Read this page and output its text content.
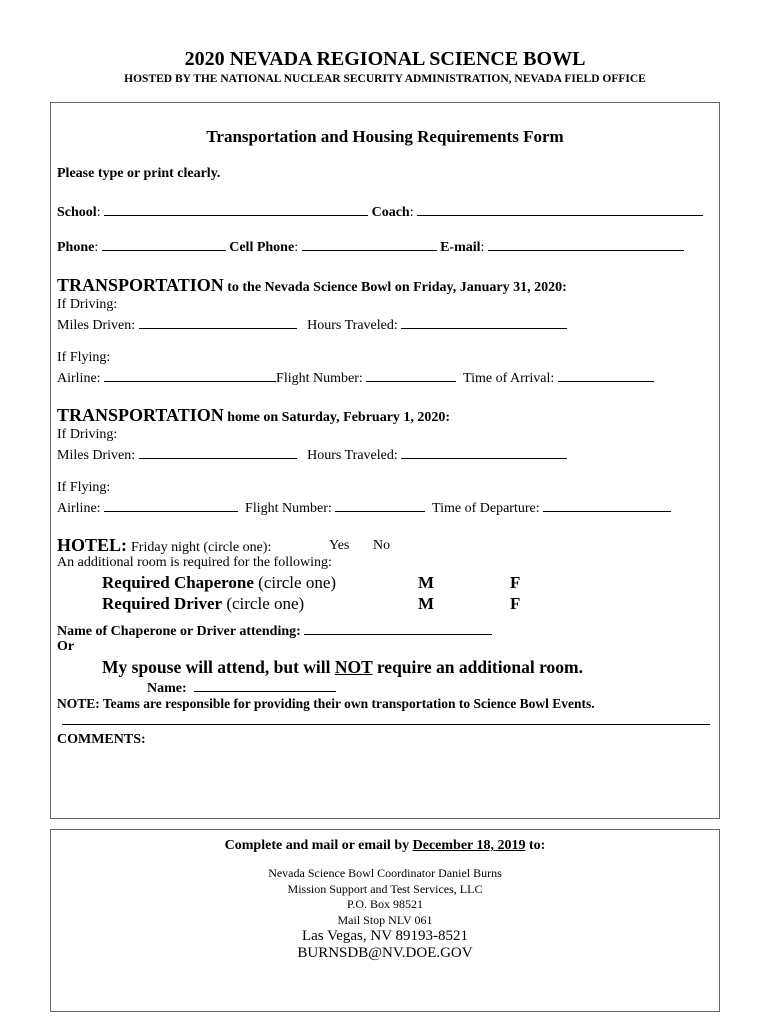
2020 NEVADA REGIONAL SCIENCE BOWL
HOSTED BY THE NATIONAL NUCLEAR SECURITY ADMINISTRATION, NEVADA FIELD OFFICE
Transportation and Housing Requirements Form
Please type or print clearly.
School:	Coach:
Phone:	Cell Phone:	E-mail:
TRANSPORTATION to the Nevada Science Bowl on Friday, January 31, 2020:
If Driving:
Miles Driven:	Hours Traveled:
If Flying:
Airline:	Flight Number:	Time of Arrival:
TRANSPORTATION home on Saturday, February 1, 2020:
If Driving:
Miles Driven:	Hours Traveled:
If Flying:
Airline:	Flight Number:	Time of Departure:
HOTEL: Friday night (circle one):	Yes No
An additional room is required for the following:
Required Chaperone (circle one)	M	F
Required Driver (circle one)	M	F
Name of Chaperone or Driver attending:
Or
My spouse will attend, but will NOT require an additional room.
Name:
NOTE: Teams are responsible for providing their own transportation to Science Bowl Events.
COMMENTS:
Complete and mail or email by December 18, 2019 to:
Nevada Science Bowl Coordinator Daniel Burns
Mission Support and Test Services, LLC
P.O. Box 98521
Mail Stop NLV 061
Las Vegas, NV 89193-8521
BURNSDB@NV.DOE.GOV
